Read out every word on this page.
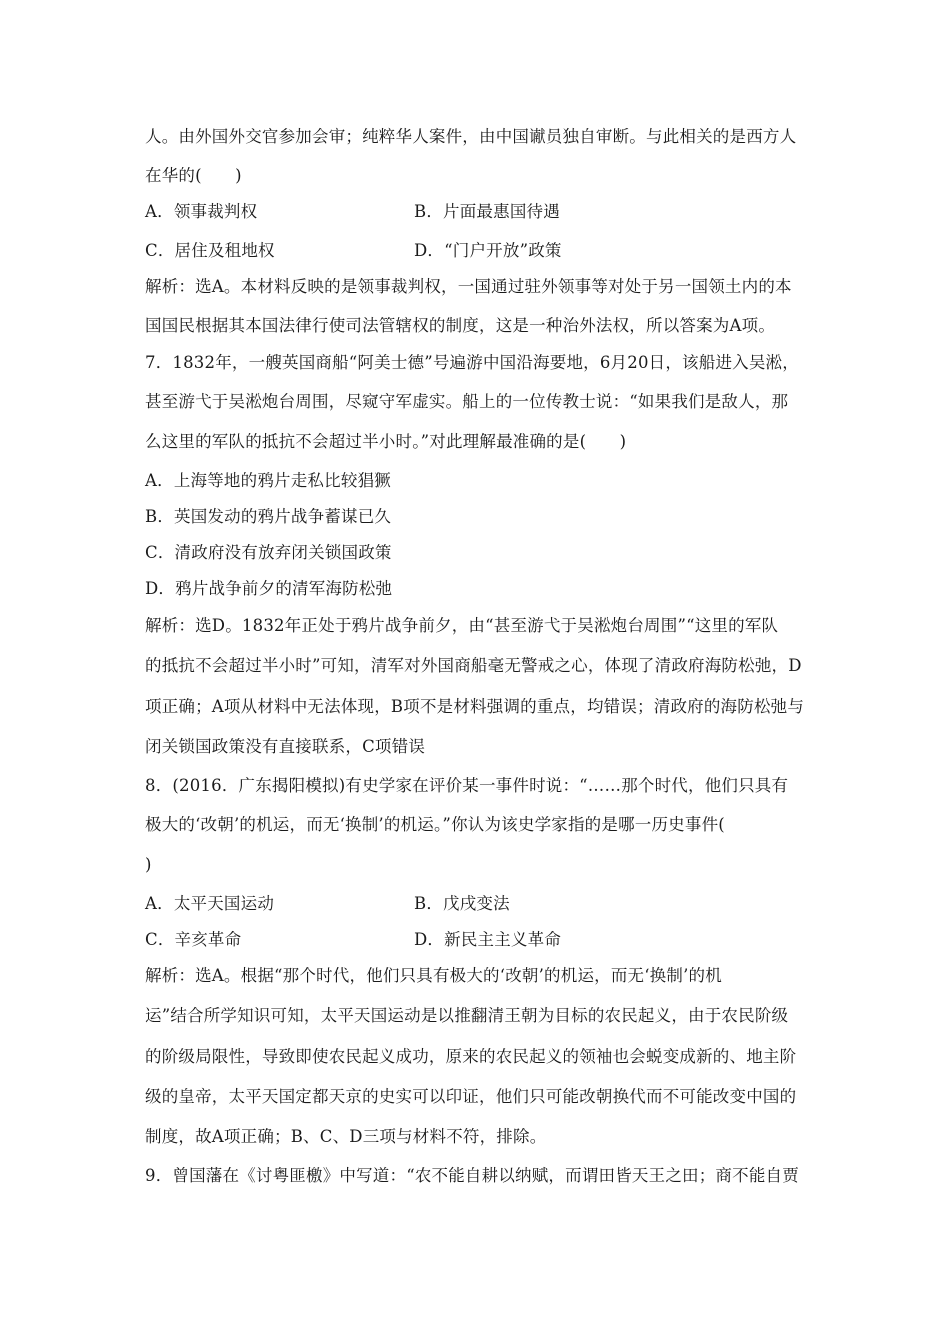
人。由外国外交官参加会审；纯粹华人案件，由中国谳员独自审断。与此相关的是西方人
在华的(　　)
A．领事裁判权	B．片面最惠国待遇
C．居住及租地权	D．“门户开放”政策
解析：选A。本材料反映的是领事裁判权，一国通过驻外领事等对处于另一国领土内的本
国国民根据其本国法律行使司法管辖权的制度，这是一种治外法权，所以答案为A项。
7．1832年，一艘英国商船“阿美士德”号遍游中国沿海要地，6月20日，该船进入吴淞，
甚至游弋于吴淞炮台周围，尽窥守军虚实。船上的一位传教士说：“如果我们是敌人，那
么这里的军队的抵抗不会超过半小时。”对此理解最准确的是(　　)
A．上海等地的鸦片走私比较猖獗
B．英国发动的鸦片战争蓄谋已久
C．清政府没有放弃闭关锁国政策
D．鸦片战争前夕的清军海防松弛
解析：选D。1832年正处于鸦片战争前夕，由“甚至游弋于吴淞炮台周围”“这里的军队
的抵抗不会超过半小时”可知，清军对外国商船毫无警戒之心，体现了清政府海防松弛，D
项正确；A项从材料中无法体现，B项不是材料强调的重点，均错误；清政府的海防松弛与
闭关锁国政策没有直接联系，C项错误
8．(2016．广东揭阳模拟)有史学家在评价某一事件时说：“……那个时代，他们只具有
极大的‘改朝’的机运，而无‘换制’的机运。”你认为该史学家指的是哪一历史事件(
)
A．太平天国运动	B．戊戌变法
C．辛亥革命	D．新民主主义革命
解析：选A。根据“那个时代，他们只具有极大的‘改朝’的机运，而无‘换制’的机
运”结合所学知识可知，太平天国运动是以推翻清王朝为目标的农民起义，由于农民阶级
的阶级局限性，导致即使农民起义成功，原来的农民起义的领袖也会蜕变成新的、地主阶
级的皇帝，太平天国定都天京的史实可以印证，他们只可能改朝换代而不可能改变中国的
制度，故A项正确；B、C、D三项与材料不符，排除。
9．曾国藩在《讨粤匪檄》中写道：“农不能自耕以纳赋，而谓田皆天王之田；商不能自贾
